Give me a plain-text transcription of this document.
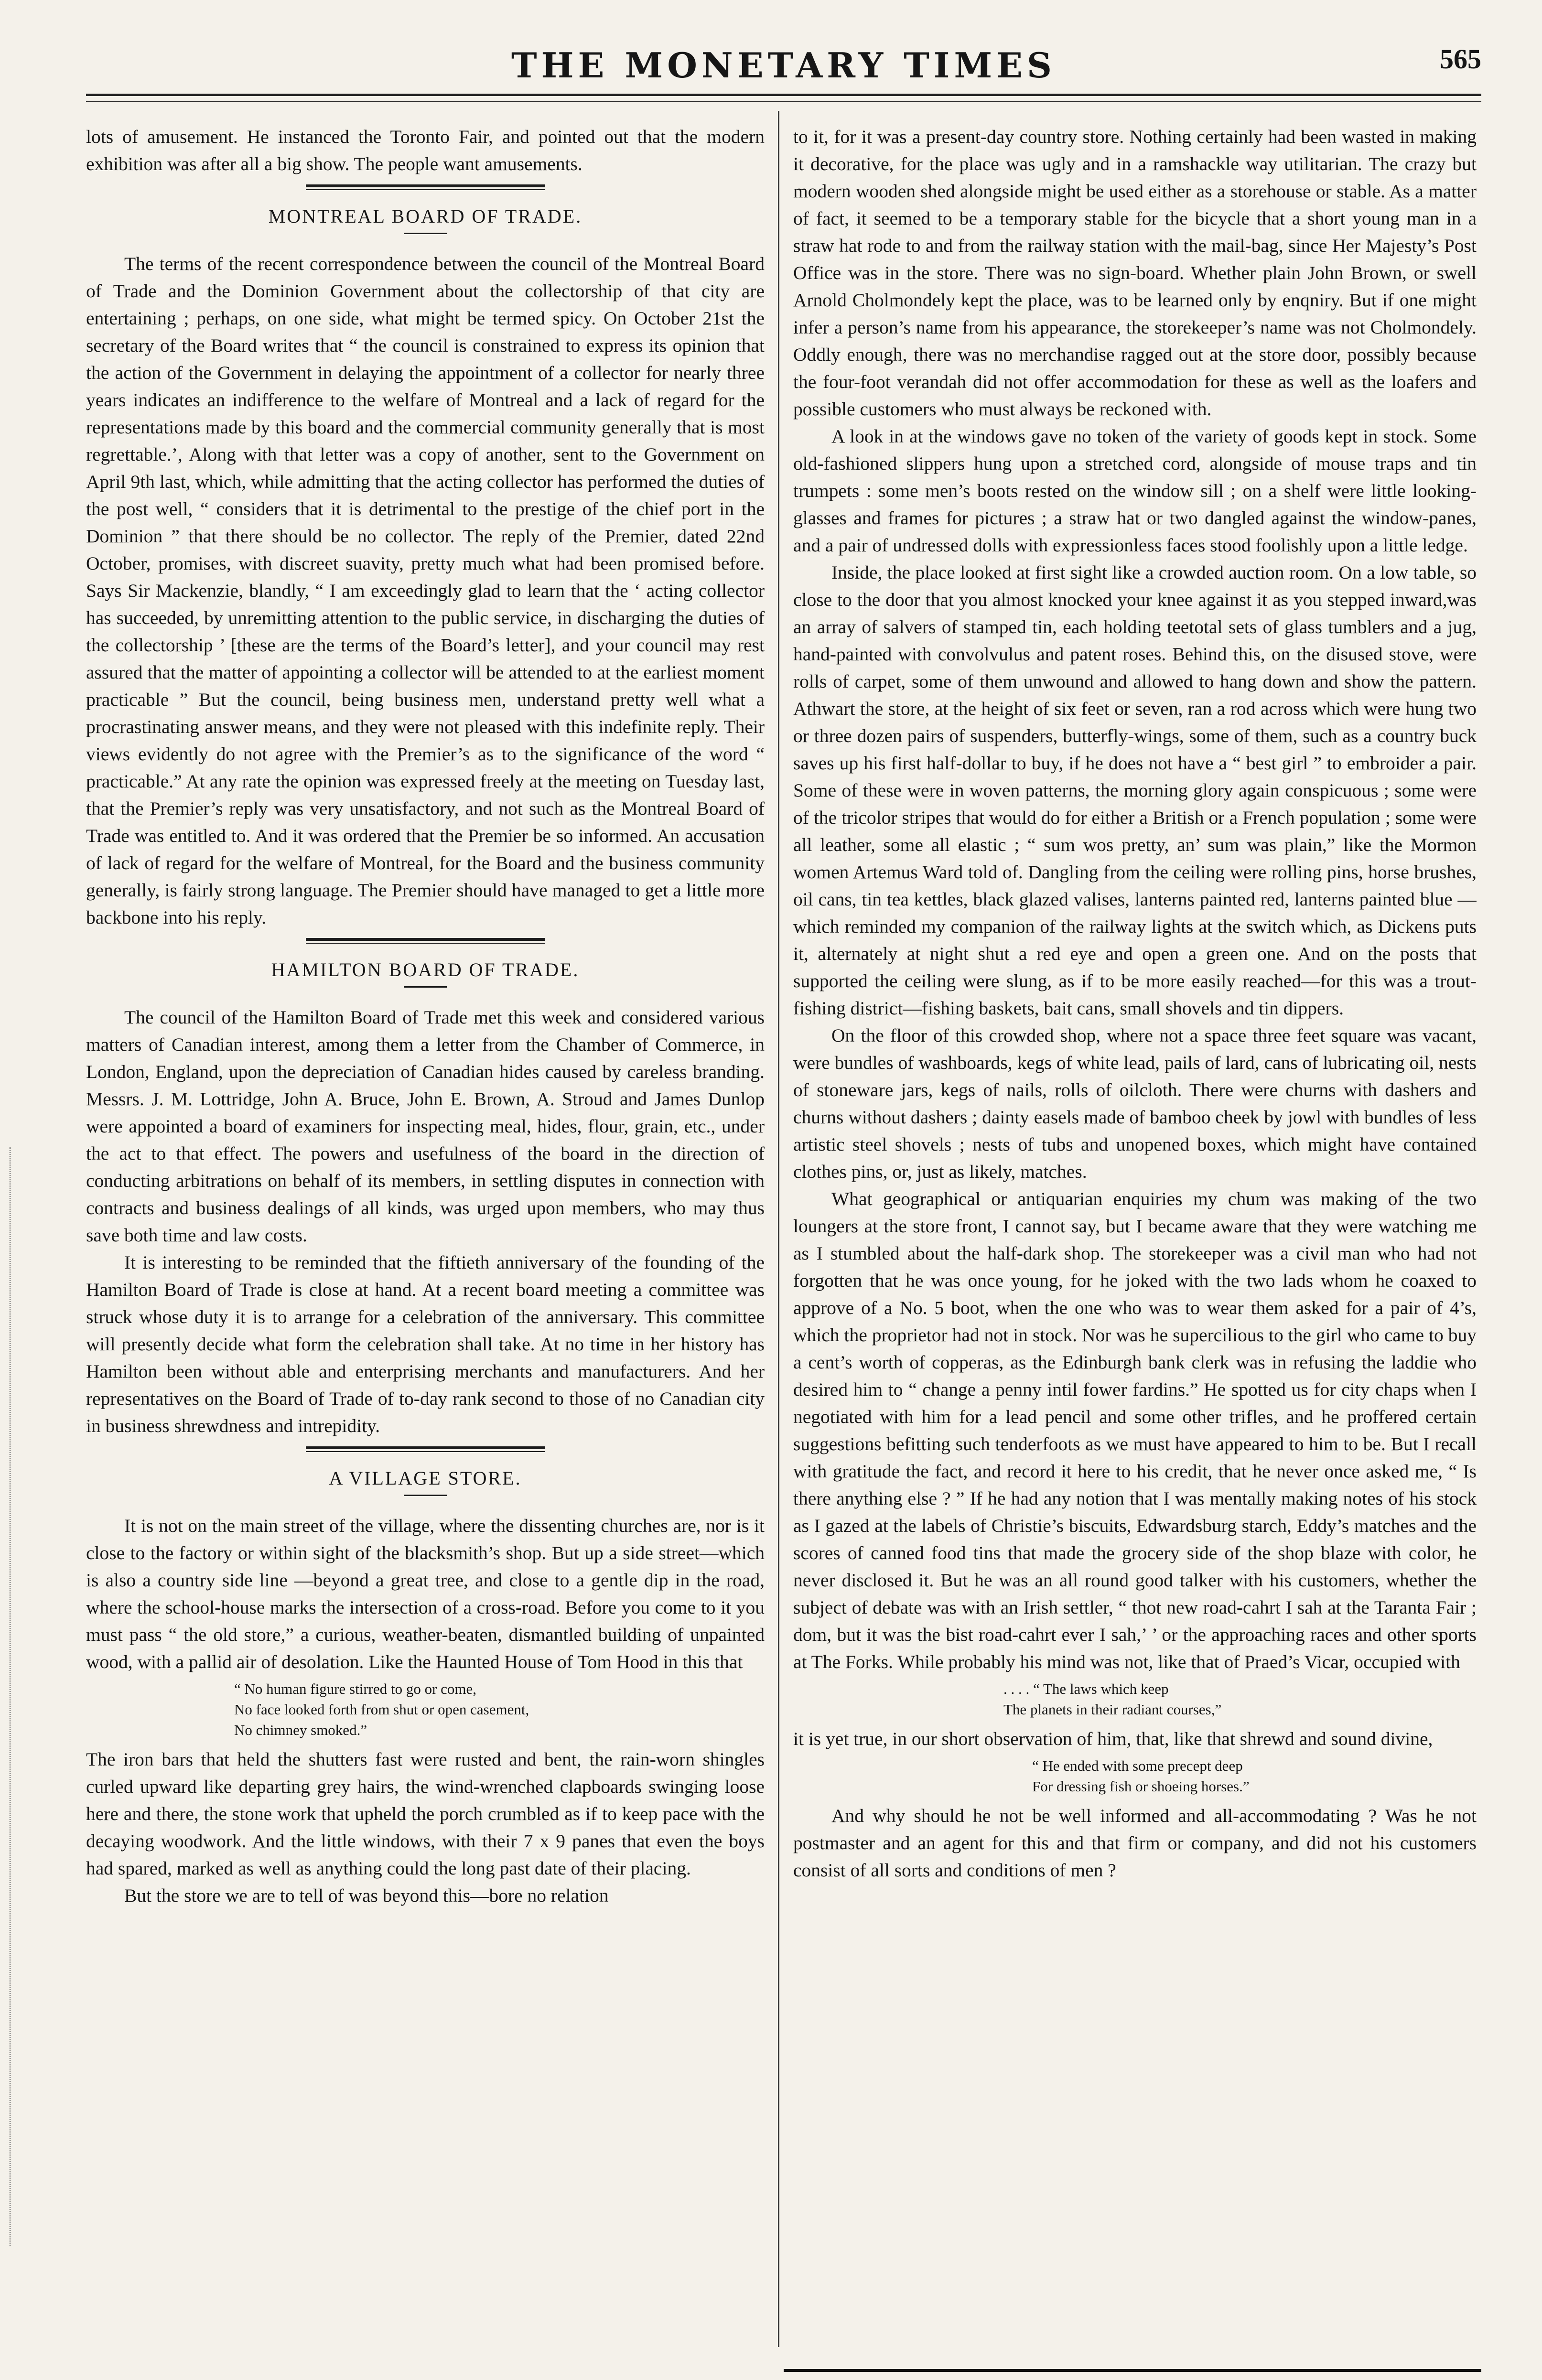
THE MONETARY TIMES	565

lots of amusement. He instanced the Toronto Fair, and pointed out that the modern exhibition was after all a big show. The people want amusements.

MONTREAL BOARD OF TRADE.

The terms of the recent correspondence between the council of the Montreal Board of Trade and the Dominion Government about the collectorship of that city are entertaining ; perhaps, on one side, what might be termed spicy. On October 21st the secretary of the Board writes that “ the council is constrained to express its opinion that the action of the Government in delaying the appointment of a collector for nearly three years indicates an indifference to the welfare of Montreal and a lack of regard for the representations made by this board and the commercial community generally that is most regrettable.’, Along with that letter was a copy of another, sent to the Government on April 9th last, which, while admitting that the acting collector has performed the duties of the post well, “ considers that it is detrimental to the prestige of the chief port in the Dominion ” that there should be no collector. The reply of the Premier, dated 22nd October, promises, with discreet suavity, pretty much what had been promised before. Says Sir Mackenzie, blandly, “ I am exceedingly glad to learn that the ‘ acting collector has succeeded, by unremitting attention to the public service, in discharging the duties of the collectorship ’ [these are the terms of the Board’s letter], and your council may rest assured that the matter of appointing a collector will be attended to at the earliest moment practicable ” But the council, being business men, understand pretty well what a procrastinating answer means, and they were not pleased with this indefinite reply. Their views evidently do not agree with the Premier’s as to the significance of the word “ practicable.” At any rate the opinion was expressed freely at the meeting on Tuesday last, that the Premier’s reply was very unsatisfactory, and not such as the Montreal Board of Trade was entitled to. And it was ordered that the Premier be so informed. An accusation of lack of regard for the welfare of Montreal, for the Board and the business community generally, is fairly strong language. The Premier should have managed to get a little more backbone into his reply.

HAMILTON BOARD OF TRADE.

The council of the Hamilton Board of Trade met this week and considered various matters of Canadian interest, among them a letter from the Chamber of Commerce, in London, England, upon the depreciation of Canadian hides caused by careless branding. Messrs. J. M. Lottridge, John A. Bruce, John E. Brown, A. Stroud and James Dunlop were appointed a board of examiners for inspecting meal, hides, flour, grain, etc., under the act to that effect. The powers and usefulness of the board in the direction of conducting arbitrations on behalf of its members, in settling disputes in connection with contracts and business dealings of all kinds, was urged upon members, who may thus save both time and law costs.

It is interesting to be reminded that the fiftieth anniversary of the founding of the Hamilton Board of Trade is close at hand. At a recent board meeting a committee was struck whose duty it is to arrange for a celebration of the anniversary. This committee will presently decide what form the celebration shall take. At no time in her history has Hamilton been without able and enterprising merchants and manufacturers. And her representatives on the Board of Trade of to-day rank second to those of no Canadian city in business shrewdness and intrepidity.

A VILLAGE STORE.

It is not on the main street of the village, where the dissenting churches are, nor is it close to the factory or within sight of the blacksmith’s shop. But up a side street—which is also a country side line —beyond a great tree, and close to a gentle dip in the road, where the school-house marks the intersection of a cross-road. Before you come to it you must pass “ the old store,” a curious, weather-beaten, dismantled building of unpainted wood, with a pallid air of desolation. Like the Haunted House of Tom Hood in this that

“ No human figure stirred to go or come,
No face looked forth from shut or open casement,
No chimney smoked.”

The iron bars that held the shutters fast were rusted and bent, the rain-worn shingles curled upward like departing grey hairs, the wind-wrenched clapboards swinging loose here and there, the stone work that upheld the porch crumbled as if to keep pace with the decaying woodwork. And the little windows, with their 7 x 9 panes that even the boys had spared, marked as well as anything could the long past date of their placing.

But the store we are to tell of was beyond this—bore no relation

to it, for it was a present-day country store. Nothing certainly had been wasted in making it decorative, for the place was ugly and in a ramshackle way utilitarian. The crazy but modern wooden shed alongside might be used either as a storehouse or stable. As a matter of fact, it seemed to be a temporary stable for the bicycle that a short young man in a straw hat rode to and from the railway station with the mail-bag, since Her Majesty’s Post Office was in the store. There was no sign-board. Whether plain John Brown, or swell Arnold Cholmondely kept the place, was to be learned only by enqniry. But if one might infer a person’s name from his appearance, the storekeeper’s name was not Cholmondely. Oddly enough, there was no merchandise ragged out at the store door, possibly because the four-foot verandah did not offer accommodation for these as well as the loafers and possible customers who must always be reckoned with.

A look in at the windows gave no token of the variety of goods kept in stock. Some old-fashioned slippers hung upon a stretched cord, alongside of mouse traps and tin trumpets : some men’s boots rested on the window sill ; on a shelf were little looking-glasses and frames for pictures ; a straw hat or two dangled against the window-panes, and a pair of undressed dolls with expressionless faces stood foolishly upon a little ledge.

Inside, the place looked at first sight like a crowded auction room. On a low table, so close to the door that you almost knocked your knee against it as you stepped inward,was an array of salvers of stamped tin, each holding teetotal sets of glass tumblers and a jug, hand-painted with convolvulus and patent roses. Behind this, on the disused stove, were rolls of carpet, some of them unwound and allowed to hang down and show the pattern. Athwart the store, at the height of six feet or seven, ran a rod across which were hung two or three dozen pairs of suspenders, butterfly-wings, some of them, such as a country buck saves up his first half-dollar to buy, if he does not have a “ best girl ” to embroider a pair. Some of these were in woven patterns, the morning glory again conspicuous ; some were of the tricolor stripes that would do for either a British or a French population ; some were all leather, some all elastic ; “ sum wos pretty, an’ sum was plain,” like the Mormon women Artemus Ward told of. Dangling from the ceiling were rolling pins, horse brushes, oil cans, tin tea kettles, black glazed valises, lanterns painted red, lanterns painted blue —which reminded my companion of the railway lights at the switch which, as Dickens puts it, alternately at night shut a red eye and open a green one. And on the posts that supported the ceiling were slung, as if to be more easily reached—for this was a trout-fishing district—fishing baskets, bait cans, small shovels and tin dippers.

On the floor of this crowded shop, where not a space three feet square was vacant, were bundles of washboards, kegs of white lead, pails of lard, cans of lubricating oil, nests of stoneware jars, kegs of nails, rolls of oilcloth. There were churns with dashers and churns without dashers ; dainty easels made of bamboo cheek by jowl with bundles of less artistic steel shovels ; nests of tubs and unopened boxes, which might have contained clothes pins, or, just as likely, matches.

What geographical or antiquarian enquiries my chum was making of the two loungers at the store front, I cannot say, but I became aware that they were watching me as I stumbled about the half-dark shop. The storekeeper was a civil man who had not forgotten that he was once young, for he joked with the two lads whom he coaxed to approve of a No. 5 boot, when the one who was to wear them asked for a pair of 4’s, which the proprietor had not in stock. Nor was he supercilious to the girl who came to buy a cent’s worth of copperas, as the Edinburgh bank clerk was in refusing the laddie who desired him to “ change a penny intil fower fardins.” He spotted us for city chaps when I negotiated with him for a lead pencil and some other trifles, and he proffered certain suggestions befitting such tenderfoots as we must have appeared to him to be. But I recall with gratitude the fact, and record it here to his credit, that he never once asked me, “ Is there anything else ? ” If he had any notion that I was mentally making notes of his stock as I gazed at the labels of Christie’s biscuits, Edwardsburg starch, Eddy’s matches and the scores of canned food tins that made the grocery side of the shop blaze with color, he never disclosed it. But he was an all round good talker with his customers, whether the subject of debate was with an Irish settler, “ thot new road-cahrt I sah at the Taranta Fair ; dom, but it was the bist road-cahrt ever I sah,’ ’ or the approaching races and other sports at The Forks. While probably his mind was not, like that of Praed’s Vicar, occupied with

. . . . “ The laws which keep
The planets in their radiant courses,”

it is yet true, in our short observation of him, that, like that shrewd and sound divine,

“ He ended with some precept deep
For dressing fish or shoeing horses.”

And why should he not be well informed and all-accommodating ? Was he not postmaster and an agent for this and that firm or company, and did not his customers consist of all sorts and conditions of men ?
